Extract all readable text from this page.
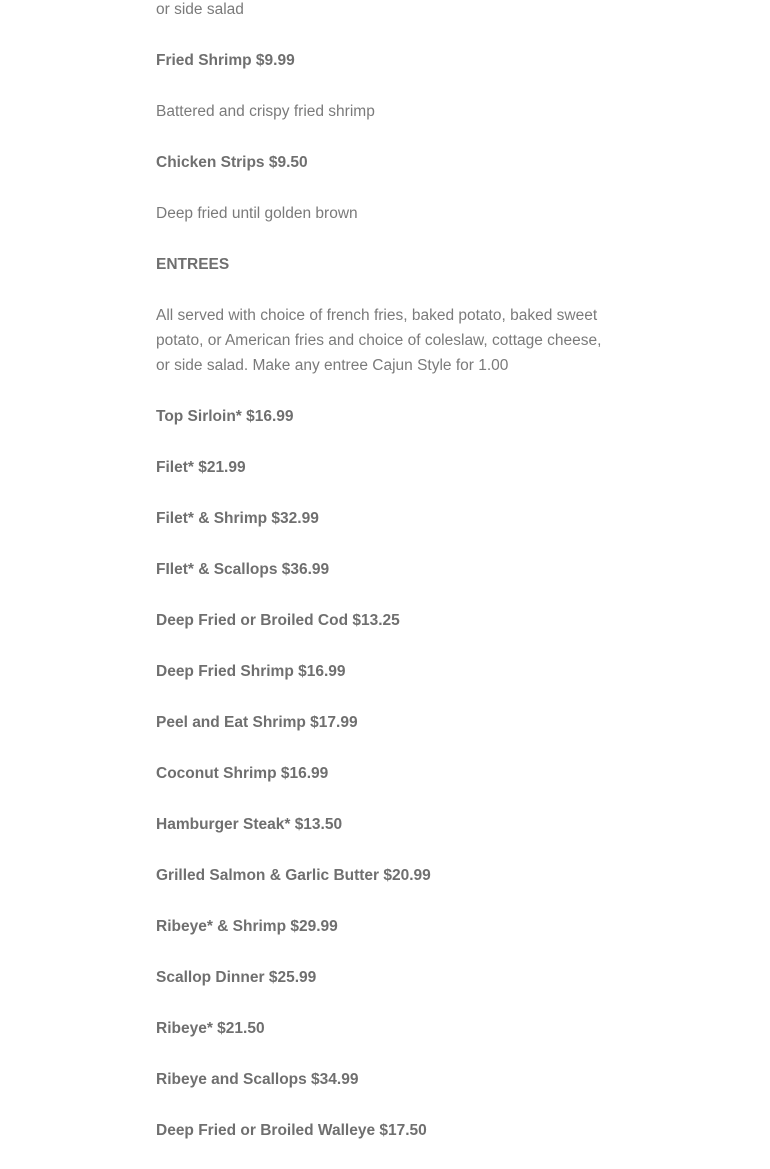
or side salad

Fried Shrimp $9.99

Battered and crispy fried shrimp

Chicken Strips $9.50

Deep fried until golden brown

ENTREES

All served with choice of french fries, baked potato, baked sweet potato, or American fries and choice of coleslaw, cottage cheese, or side salad. Make any entree Cajun Style for 1.00

Top Sirloin* $16.99

Filet* $21.99

Filet* & Shrimp $32.99

FIlet* & Scallops $36.99

Deep Fried or Broiled Cod $13.25

Deep Fried Shrimp $16.99

Peel and Eat Shrimp $17.99

Coconut Shrimp $16.99

Hamburger Steak* $13.50

Grilled Salmon & Garlic Butter $20.99

Ribeye* & Shrimp $29.99

Scallop Dinner $25.99

Ribeye* $21.50

Ribeye and Scallops $34.99

Deep Fried or Broiled Walleye $17.50
